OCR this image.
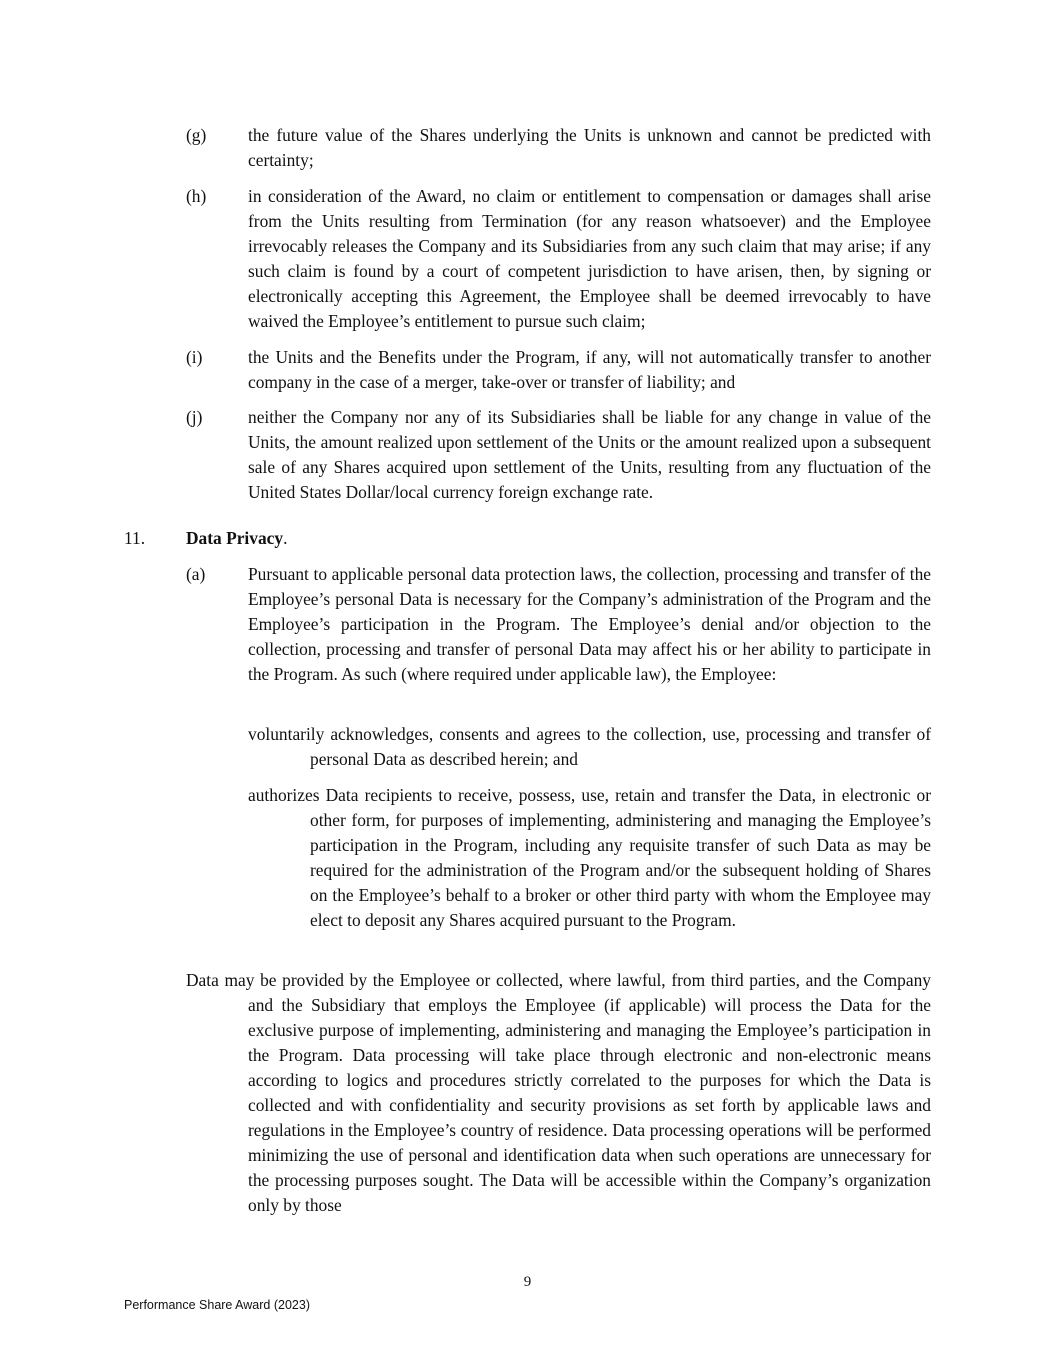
(g) the future value of the Shares underlying the Units is unknown and cannot be predicted with certainty;
(h) in consideration of the Award, no claim or entitlement to compensation or damages shall arise from the Units resulting from Termination (for any reason whatsoever) and the Employee irrevocably releases the Company and its Subsidiaries from any such claim that may arise; if any such claim is found by a court of competent jurisdiction to have arisen, then, by signing or electronically accepting this Agreement, the Employee shall be deemed irrevocably to have waived the Employee’s entitlement to pursue such claim;
(i)	the Units and the Benefits under the Program, if any, will not automatically transfer to another company in the case of a merger, take-over or transfer of liability; and
(j)	neither the Company nor any of its Subsidiaries shall be liable for any change in value of the Units, the amount realized upon settlement of the Units or the amount realized upon a subsequent sale of any Shares acquired upon settlement of the Units, resulting from any fluctuation of the United States Dollar/local currency foreign exchange rate.
11. Data Privacy.
(a) Pursuant to applicable personal data protection laws, the collection, processing and transfer of the Employee’s personal Data is necessary for the Company’s administration of the Program and the Employee’s participation in the Program. The Employee’s denial and/or objection to the collection, processing and transfer of personal Data may affect his or her ability to participate in the Program. As such (where required under applicable law), the Employee:
voluntarily acknowledges, consents and agrees to the collection, use, processing and transfer of personal Data as described herein; and
authorizes Data recipients to receive, possess, use, retain and transfer the Data, in electronic or other form, for purposes of implementing, administering and managing the Employee’s participation in the Program, including any requisite transfer of such Data as may be required for the administration of the Program and/or the subsequent holding of Shares on the Employee’s behalf to a broker or other third party with whom the Employee may elect to deposit any Shares acquired pursuant to the Program.
Data may be provided by the Employee or collected, where lawful, from third parties, and the Company and the Subsidiary that employs the Employee (if applicable) will process the Data for the exclusive purpose of implementing, administering and managing the Employee’s participation in the Program. Data processing will take place through electronic and non-electronic means according to logics and procedures strictly correlated to the purposes for which the Data is collected and with confidentiality and security provisions as set forth by applicable laws and regulations in the Employee’s country of residence. Data processing operations will be performed minimizing the use of personal and identification data when such operations are unnecessary for the processing purposes sought. The Data will be accessible within the Company’s organization only by those
9
Performance Share Award (2023)
